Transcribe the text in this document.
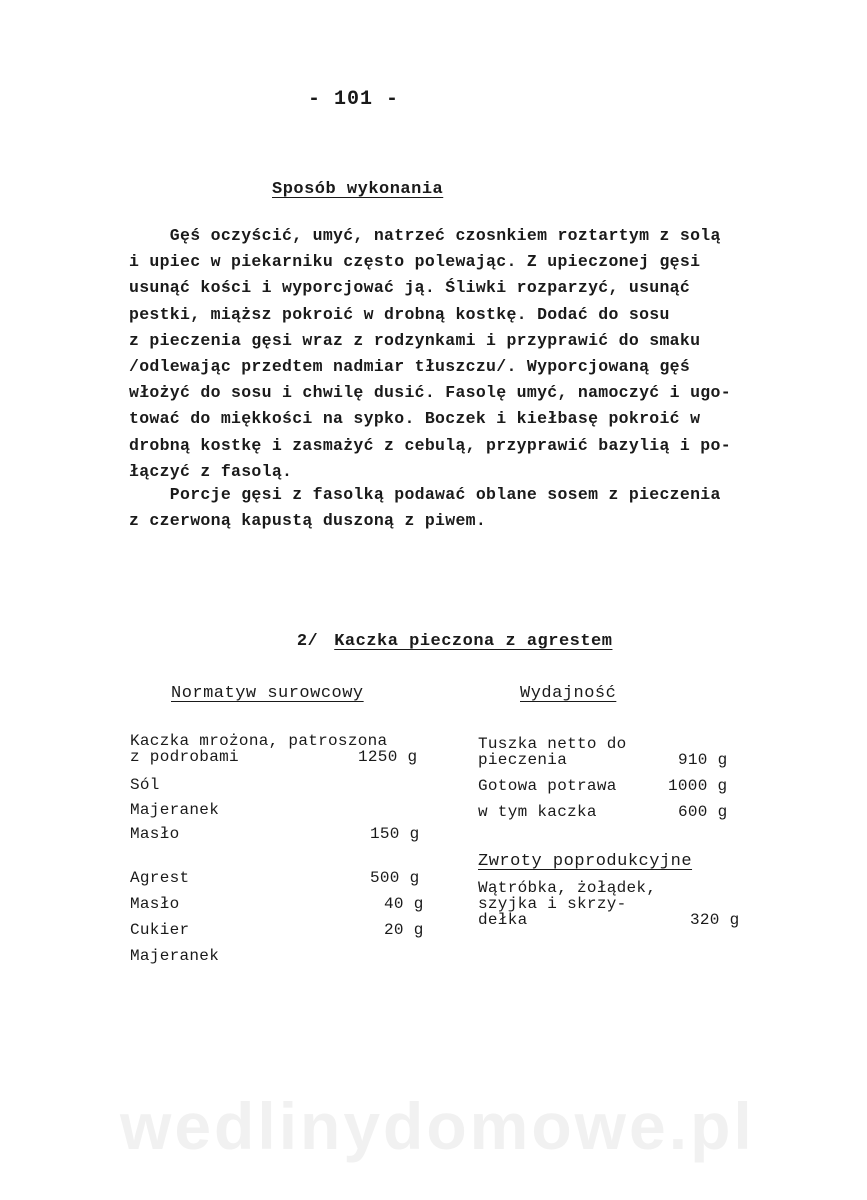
- 101 -
Sposób wykonania
Gęś oczyścić, umyć, natrzeć czosnkiem roztartym z solą
i upiec w piekarniku często polewając. Z upieczonej gęsi
usunąć kości i wyporcjować ją. Śliwki rozparzyć, usunąć
pestki, miąższ pokroić w drobną kostkę. Dodać do sosu
z pieczenia gęsi wraz z rodzynkami i przyprawić do smaku
/odlewając przedtem nadmiar tłuszczu/. Wyporcjowaną gęś
włożyć do sosu i chwilę dusić. Fasolę umyć, namoczyć i ugo-
tować do miękkości na sypko. Boczek i kiełbasę pokroić w
drobną kostkę i zasmażyć z cebulą, przyprawić bazylią i po-
łączyć z fasolą.
Porcje gęsi z fasolką podawać oblane sosem z pieczenia
z czerwoną kapustą duszoną z piwem.

2/ Kaczka pieczona z agrestem

Normatyw surowcowy	Wydajność
Kaczka mrożona, patroszona
z podrobami	1250 g
Sól
Majeranek
Masło	150 g
Agrest	500 g
Masło	40 g
Cukier	20 g
Majeranek
Tuszka netto do
pieczenia	910 g
Gotowa potrawa	1000 g
w tym kaczka	600 g
Zwroty poprodukcyjne
Wątróbka, żołądek,
szyjka i skrzy-
dełka	320 g
wedlinydomowe.pl
